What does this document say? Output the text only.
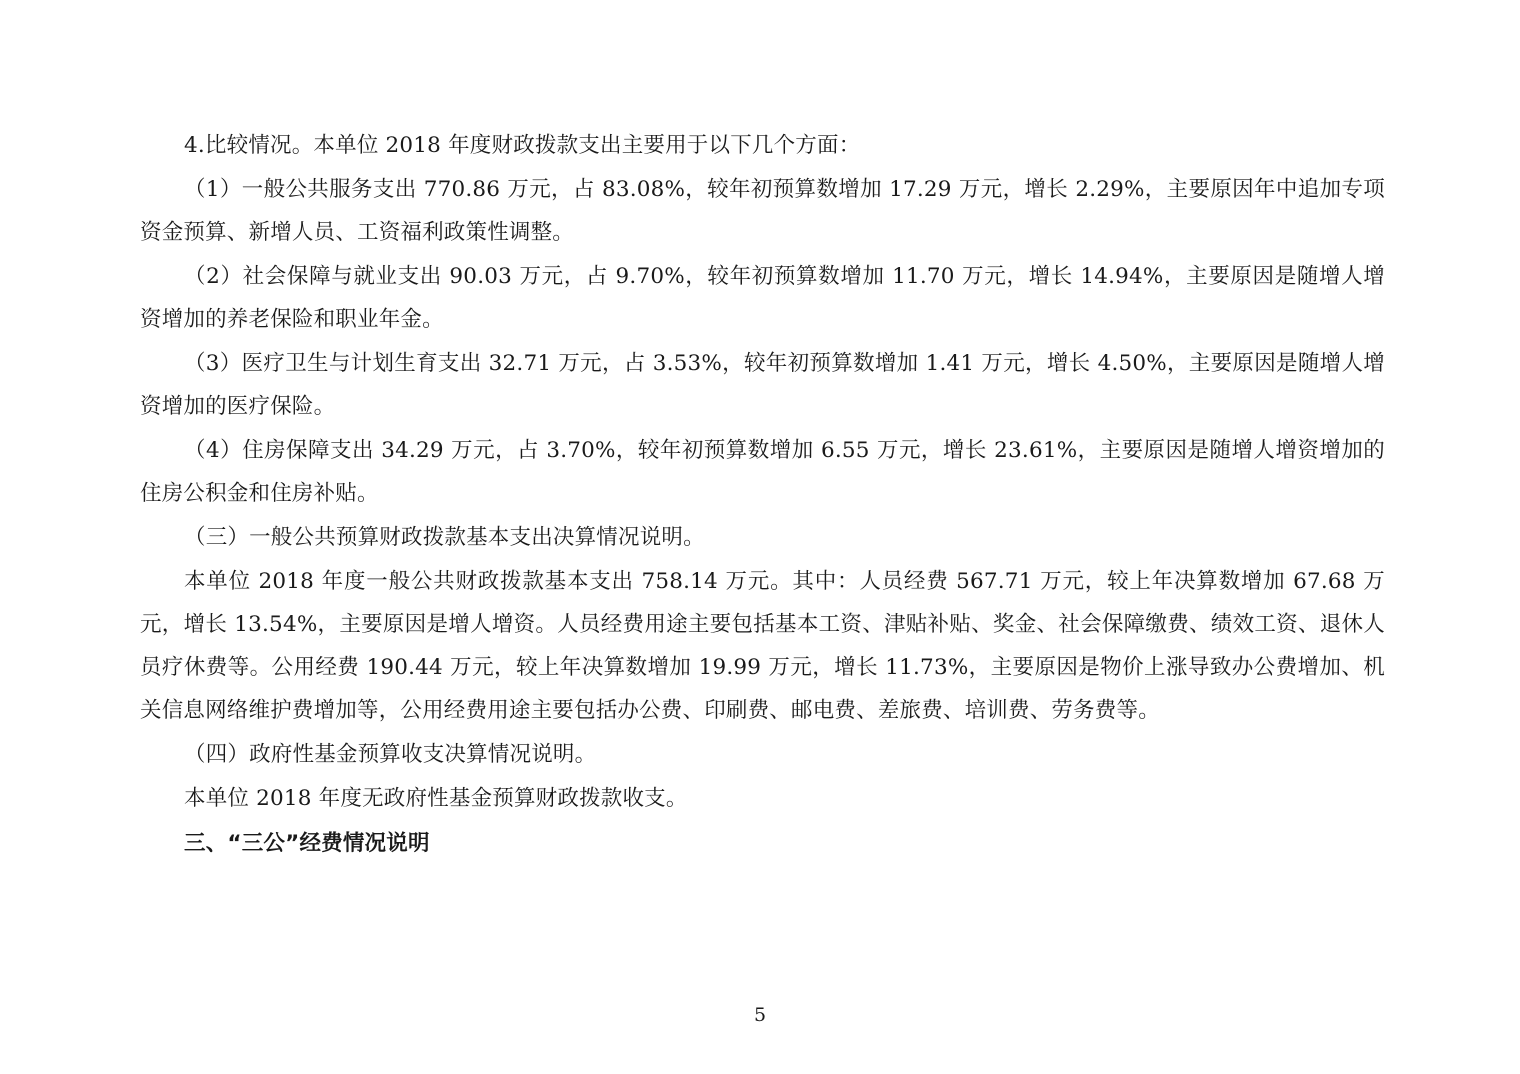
4.比较情况。本单位 2018 年度财政拨款支出主要用于以下几个方面：

（1）一般公共服务支出 770.86 万元，占 83.08%，较年初预算数增加 17.29 万元，增长 2.29%，主要原因年中追加专项资金预算、新增人员、工资福利政策性调整。

（2）社会保障与就业支出 90.03 万元，占 9.70%，较年初预算数增加 11.70 万元，增长 14.94%，主要原因是随增人增资增加的养老保险和职业年金。

（3）医疗卫生与计划生育支出 32.71 万元，占 3.53%，较年初预算数增加 1.41 万元，增长 4.50%，主要原因是随增人增资增加的医疗保险。

（4）住房保障支出 34.29 万元，占 3.70%，较年初预算数增加 6.55 万元，增长 23.61%，主要原因是随增人增资增加的住房公积金和住房补贴。

（三）一般公共预算财政拨款基本支出决算情况说明。

本单位 2018 年度一般公共财政拨款基本支出 758.14 万元。其中：人员经费 567.71 万元，较上年决算数增加 67.68 万元，增长 13.54%，主要原因是增人增资。人员经费用途主要包括基本工资、津贴补贴、奖金、社会保障缴费、绩效工资、退休人员疗休费等。公用经费 190.44 万元，较上年决算数增加 19.99 万元，增长 11.73%，主要原因是物价上涨导致办公费增加、机关信息网络维护费增加等，公用经费用途主要包括办公费、印刷费、邮电费、差旅费、培训费、劳务费等。

（四）政府性基金预算收支决算情况说明。

本单位 2018 年度无政府性基金预算财政拨款收支。

三、“三公”经费情况说明

5
